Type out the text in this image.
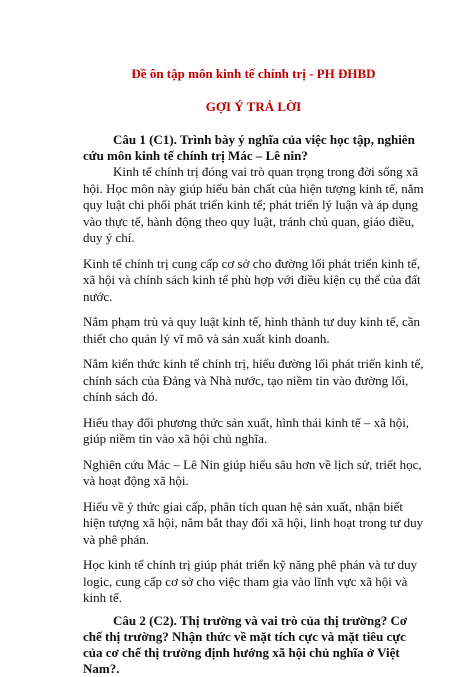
Đề ôn tập môn kinh tế chính trị - PH ĐHBD

GỢI Ý TRẢ LỜI

Câu 1 (C1). Trình bày ý nghĩa của việc học tập, nghiên cứu môn kinh tế chính trị Mác – Lê nin?

Kinh tế chính trị đóng vai trò quan trọng trong đời sống xã hội. Học môn này giúp hiểu bản chất của hiện tượng kinh tế, nắm quy luật chi phối phát triển kinh tế; phát triển lý luận và áp dụng vào thực tế, hành động theo quy luật, tránh chủ quan, giáo điều, duy ý chí.

Kinh tế chính trị cung cấp cơ sở cho đường lối phát triển kinh tế, xã hội và chính sách kinh tế phù hợp với điều kiện cụ thể của đất nước.

Nắm phạm trù và quy luật kinh tế, hình thành tư duy kinh tế, cần thiết cho quản lý vĩ mô và sản xuất kinh doanh.

Nắm kiến thức kinh tế chính trị, hiểu đường lối phát triển kinh tế, chính sách của Đảng và Nhà nước, tạo niềm tin vào đường lối, chính sách đó.

Hiểu thay đổi phương thức sản xuất, hình thái kinh tế – xã hội, giúp niềm tin vào xã hội chủ nghĩa.

Nghiên cứu Mác – Lê Nin giúp hiểu sâu hơn về lịch sử, triết học, và hoạt động xã hội.

Hiểu về ý thức giai cấp, phân tích quan hệ sản xuất, nhận biết hiện tượng xã hội, nắm bắt thay đổi xã hội, linh hoạt trong tư duy và phê phán.

Học kinh tế chính trị giúp phát triển kỹ năng phê phán và tư duy logic, cung cấp cơ sở cho việc tham gia vào lĩnh vực xã hội và kinh tế.

Câu 2 (C2). Thị trường và vai trò của thị trường? Cơ chế thị trường? Nhận thức về mặt tích cực và mặt tiêu cực của cơ chế thị trường định hướng xã hội chủ nghĩa ở Việt Nam?.
